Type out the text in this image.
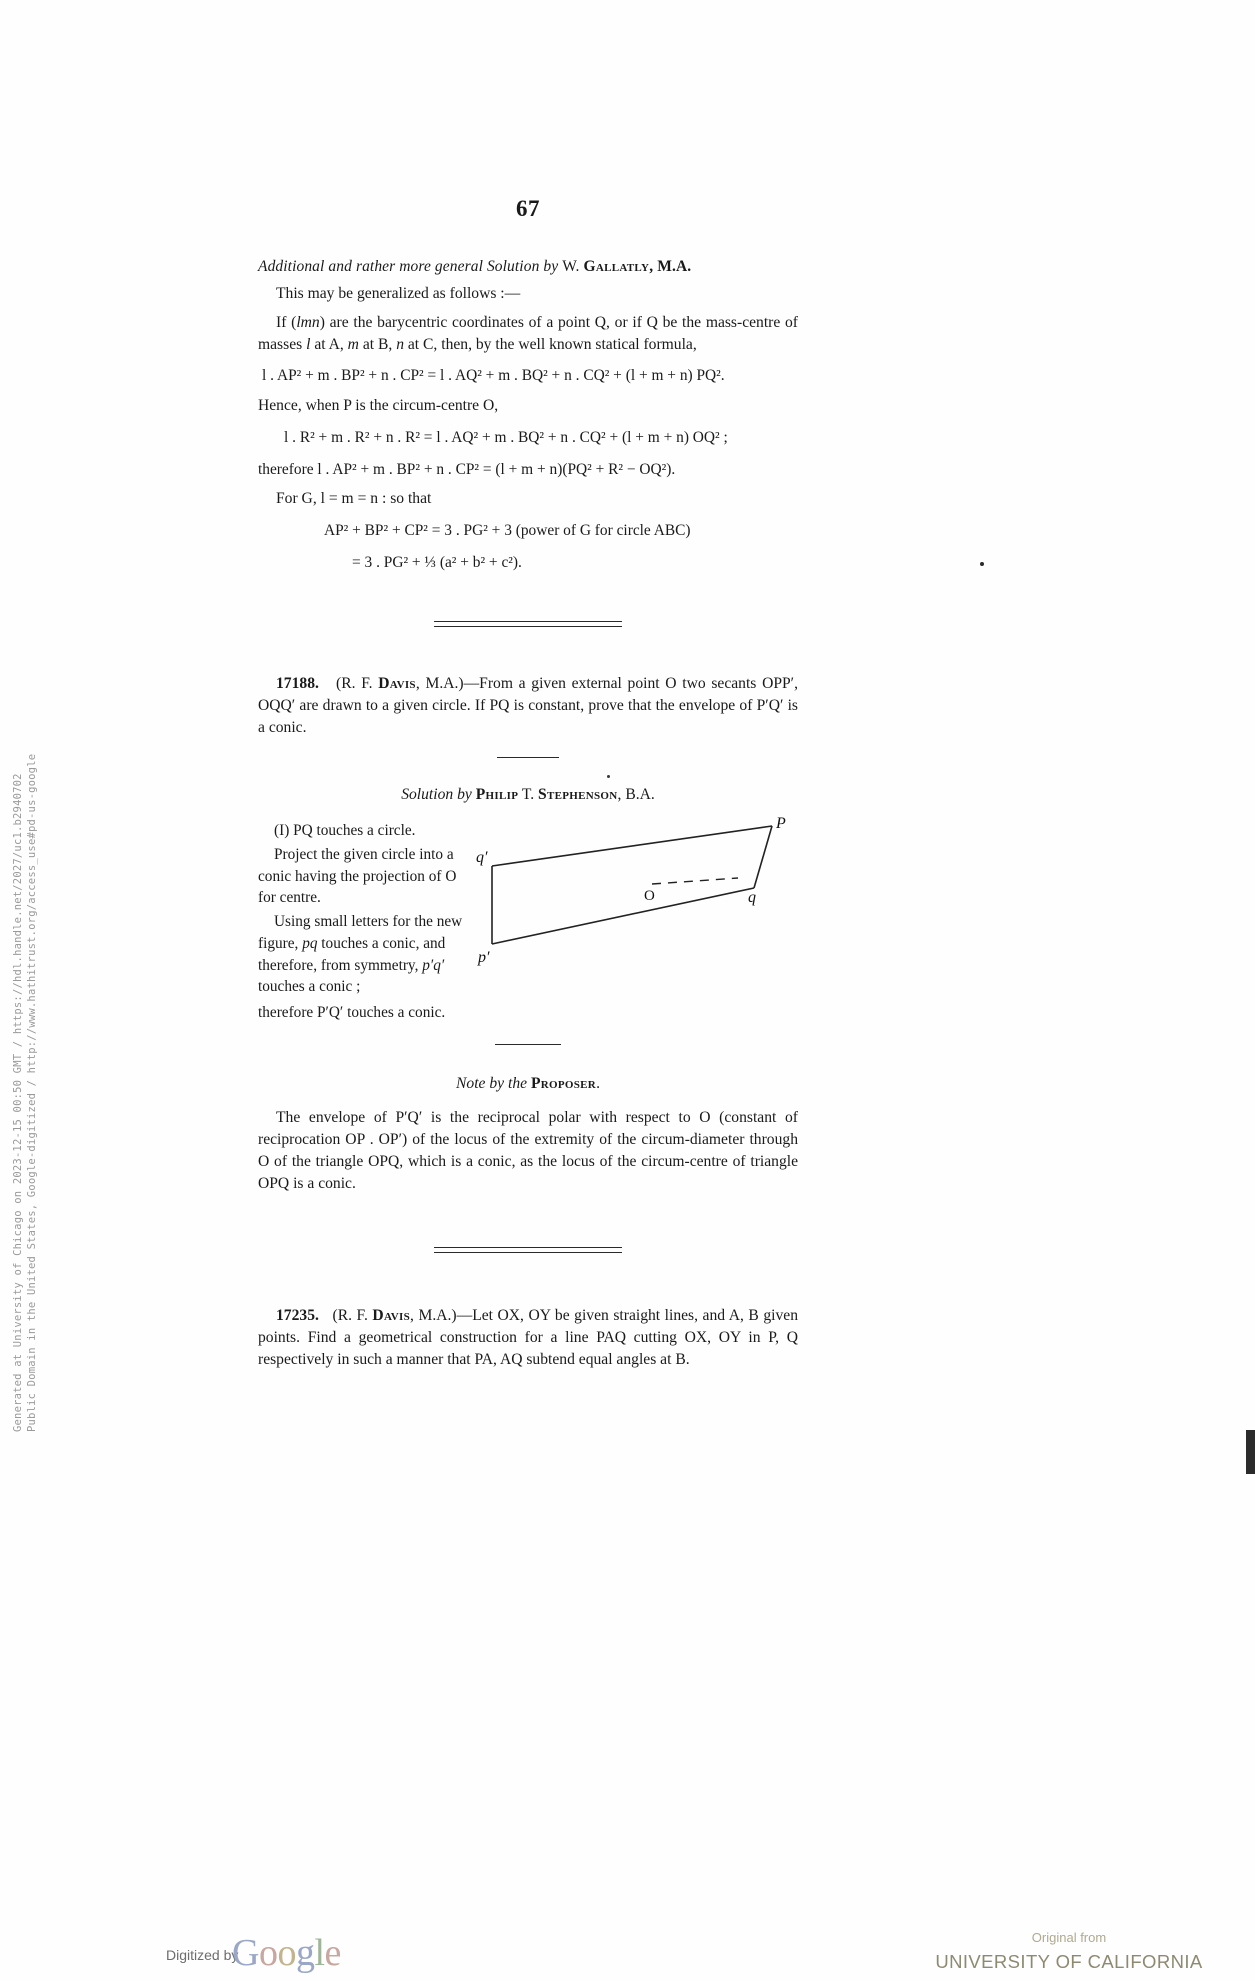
Generated at University of Chicago on 2023-12-15 00:50 GMT / https://hdl.handle.net/2027/uc1.b2940702 Public Domain in the United States, Google-digitized / http://www.hathitrust.org/access_use#pd-us-google
67
Additional and rather more general Solution by W. Gallatly, M.A.

This may be generalized as follows :—

If (lmn) are the barycentric coordinates of a point Q, or if Q be the mass-centre of masses l at A, m at B, n at C, then, by the well known statical formula,

l . AP² + m . BP² + n . CP² = l . AQ² + m . BQ² + n . CQ² + (l + m + n) PQ².

Hence, when P is the circum-centre O,

l . R² + m . R² + n . R² = l . AQ² + m . BQ² + n . CQ² + (l + m + n) OQ² ;
therefore l . AP² + m . BP² + n . CP² = (l + m + n)(PQ² + R² − OQ²).

For G, l = m = n : so that

AP² + BP² + CP² = 3 . PG² + 3 (power of G for circle ABC)
= 3 . PG² + ⅓ (a² + b² + c²).

17188. (R. F. Davis, M.A.)—From a given external point O two secants OPP′, OQQ′ are drawn to a given circle. If PQ is constant, prove that the envelope of P′Q′ is a conic.

Solution by Philip T. Stephenson, B.A.

(I) PQ touches a circle.

Project the given circle into a conic having the projection of O for centre.

Using small letters for the new figure, pq touches a conic, and therefore, from symmetry, p′q′ touches a conic ;

therefore P′Q′ touches a conic.

P
q′
O	q
p′
Note by the Proposer.

The envelope of P′Q′ is the reciprocal polar with respect to O (constant of reciprocation OP . OP′) of the locus of the extremity of the circum-diameter through O of the triangle OPQ, which is a conic, as the locus of the circum-centre of triangle OPQ is a conic.

17235. (R. F. Davis, M.A.)—Let OX, OY be given straight lines, and A, B given points. Find a geometrical construction for a line PAQ cutting OX, OY in P, Q respectively in such a manner that PA, AQ subtend equal angles at B.

Digitized by
Google	Original from
UNIVERSITY OF CALIFORNIA
